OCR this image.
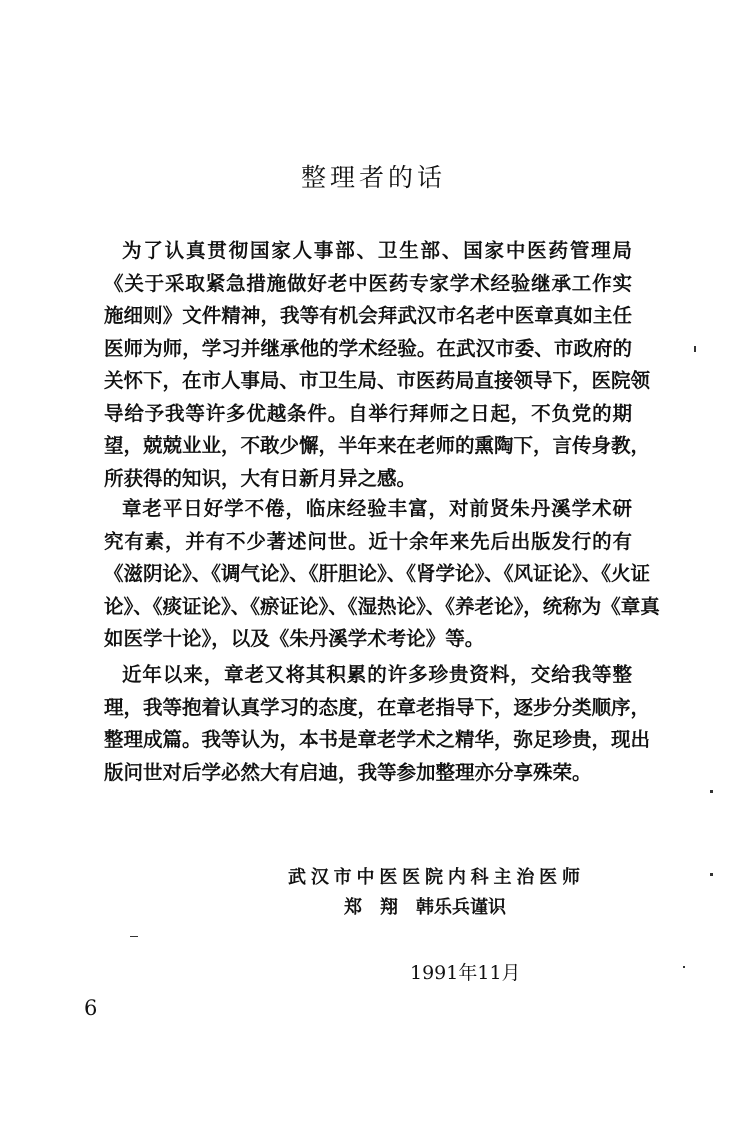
整理者的话
为了认真贯彻国家人事部、卫生部、国家中医药管理局
《关于采取紧急措施做好老中医药专家学术经验继承工作实
施细则》文件精神，我等有机会拜武汉市名老中医章真如主任
医师为师，学习并继承他的学术经验。在武汉市委、市政府的
关怀下，在市人事局、市卫生局、市医药局直接领导下，医院领
导给予我等许多优越条件。自举行拜师之日起，不负党的期
望，兢兢业业，不敢少懈，半年来在老师的熏陶下，言传身教，
所获得的知识，大有日新月异之感。
章老平日好学不倦，临床经验丰富，对前贤朱丹溪学术研
究有素，并有不少著述问世。近十余年来先后出版发行的有
《滋阴论》、《调气论》、《肝胆论》、《肾学论》、《风证论》、《火证
论》、《痰证论》、《瘀证论》、《湿热论》、《养老论》，统称为《章真
如医学十论》，以及《朱丹溪学术考论》等。
近年以来，章老又将其积累的许多珍贵资料，交给我等整
理，我等抱着认真学习的态度，在章老指导下，逐步分类顺序，
整理成篇。我等认为，本书是章老学术之精华，弥足珍贵，现出
版问世对后学必然大有启迪，我等参加整理亦分享殊荣。
武汉市中医医院内科主治医师
郑　翔　韩乐兵谨识
1991年11月
6
